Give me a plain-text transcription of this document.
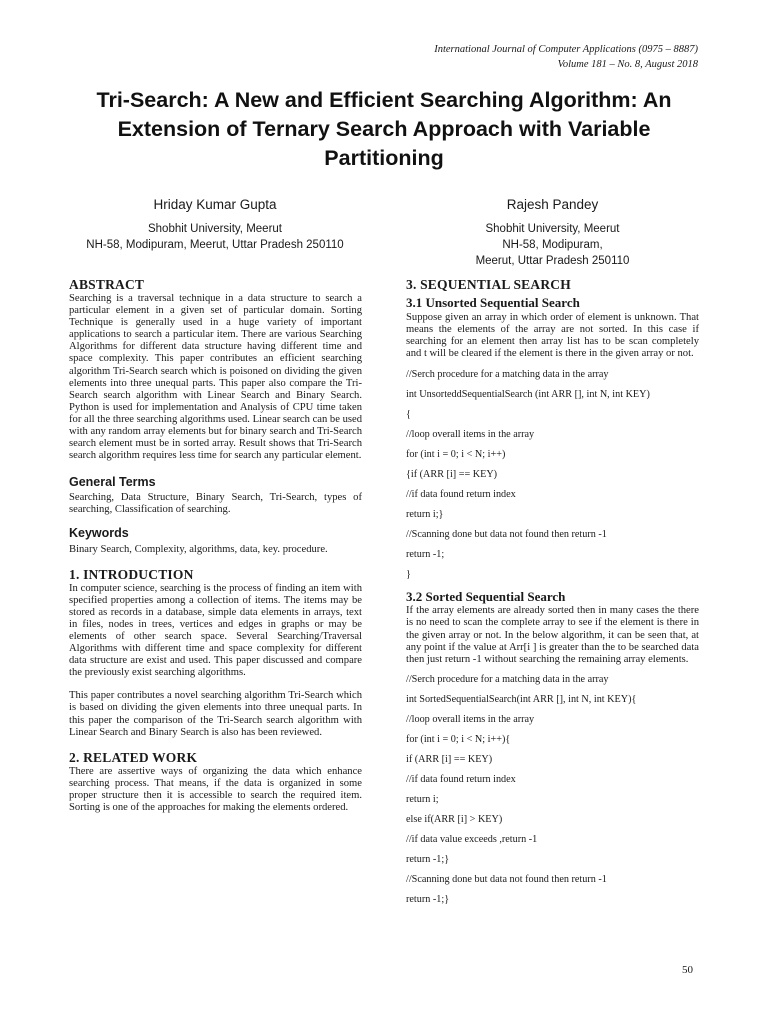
International Journal of Computer Applications (0975 – 8887)
Volume 181 – No. 8, August 2018
Tri-Search: A New and Efficient Searching Algorithm: An
Extension of Ternary Search Approach with Variable
Partitioning
Hriday Kumar Gupta
Shobhit University, Meerut
NH-58, Modipuram, Meerut, Uttar Pradesh 250110
Rajesh Pandey
Shobhit University, Meerut
NH-58, Modipuram,
Meerut, Uttar Pradesh 250110
ABSTRACT

Searching is a traversal technique in a data structure to search a particular element in a given set of particular domain. Sorting Technique is generally used in a huge variety of important applications to search a particular item. There are various Searching Algorithms for different data structure having different time and space complexity. This paper contributes an efficient searching algorithm Tri-Search search which is poisoned on dividing the given elements into three unequal parts. This paper also compare the Tri-Search search algorithm with Linear Search and Binary Search. Python is used for implementation and Analysis of CPU time taken for all the three searching algorithms used. Linear search can be used with any random array elements but for binary search and Tri-Search search element must be in sorted array. Result shows that Tri-Search search algorithm requires less time for search any particular element.

General Terms

Searching, Data Structure, Binary Search, Tri-Search, types of searching, Classification of searching.

Keywords

Binary Search, Complexity, algorithms, data, key. procedure.

1. INTRODUCTION

In computer science, searching is the process of finding an item with specified properties among a collection of items. The items may be stored as records in a database, simple data elements in arrays, text in files, nodes in trees, vertices and edges in graphs or may be elements of other search space. Several Searching/Traversal Algorithms with different time and space complexity for different data structure are exist and used. This paper discussed and compare the previously exist searching algorithms.

This paper contributes a novel searching algorithm Tri-Search which is based on dividing the given elements into three unequal parts. In this paper the comparison of the Tri-Search search algorithm with Linear Search and Binary Search is also has been reviewed.

2. RELATED WORK

There are assertive ways of organizing the data which enhance searching process. That means, if the data is organized in some proper structure then it is accessible to search the required item. Sorting is one of the approaches for making the elements ordered.

3. SEQUENTIAL SEARCH
3.1 Unsorted Sequential Search

Suppose given an array in which order of element is unknown. That means the elements of the array are not sorted. In this case if searching for an element then array list has to be scan completely and t will be cleared if the element is there in the given array or not.

//Serch procedure for a matching data in the array
int UnsorteddSequentialSearch (int ARR [], int N, int KEY)
{
//loop overall items in the array
for (int i = 0; i < N; i++)
{if (ARR [i] == KEY)
//if data found return index
return i;}
//Scanning done but data not found then return -1
return -1;
}
3.2 Sorted Sequential Search

If the array elements are already sorted then in many cases the there is no need to scan the complete array to see if the element is there in the given array or not. In the below algorithm, it can be seen that, at any point if the value at Arr[i ] is greater than the to be searched data then just return -1 without searching the remaining array elements.

//Serch procedure for a matching data in the array
int SortedSequentialSearch(int ARR [], int N, int KEY){
//loop overall items in the array
for (int i = 0; i < N; i++){
if (ARR [i] == KEY)
//if data found return index
return i;
else if(ARR [i] > KEY)
//if data value exceeds ,return -1
return -1;}
//Scanning done but data not found then return -1
return -1;}
50
